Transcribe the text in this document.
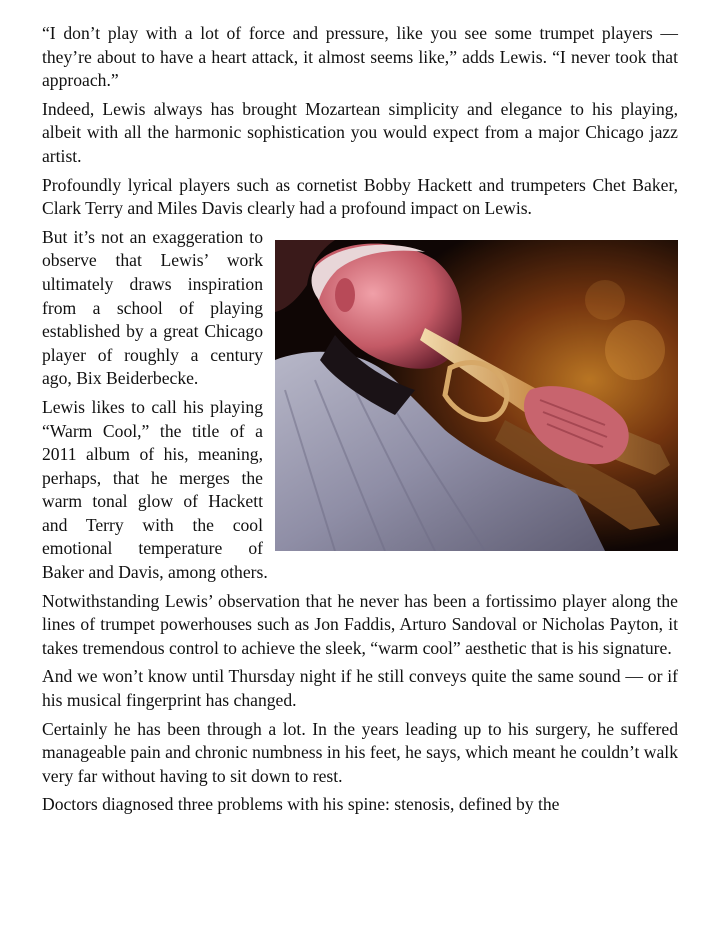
“I don’t play with a lot of force and pressure, like you see some trumpet players — they’re about to have a heart attack, it almost seems like,” adds Lewis. “I never took that approach.”

Indeed, Lewis always has brought Mozartean simplicity and elegance to his playing, albeit with all the harmonic sophistication you would expect from a major Chicago jazz artist.

Profoundly lyrical players such as cornetist Bobby Hackett and trumpeters Chet Baker, Clark Terry and Miles Davis clearly had a profound impact on Lewis.

But it’s not an exaggeration to observe that Lewis’ work ultimately draws inspiration from a school of playing established by a great Chicago player of roughly a century ago, Bix Beiderbecke.

Lewis likes to call his playing “Warm Cool,” the title of a 2011 album of his, meaning, perhaps, that he merges the warm tonal glow of Hackett and Terry with the cool emotional temperature of Baker and Davis, among others.

Notwithstanding Lewis’ observation that he never has been a fortissimo player along the lines of trumpet powerhouses such as Jon Faddis, Arturo Sandoval or Nicholas Payton, it takes tremendous control to achieve the sleek, “warm cool” aesthetic that is his signature.

And we won’t know until Thursday night if he still conveys quite the same sound — or if his musical fingerprint has changed.

Certainly he has been through a lot. In the years leading up to his surgery, he suffered manageable pain and chronic numbness in his feet, he says, which meant he couldn’t walk very far without having to sit down to rest.

Doctors diagnosed three problems with his spine: stenosis, defined by the
